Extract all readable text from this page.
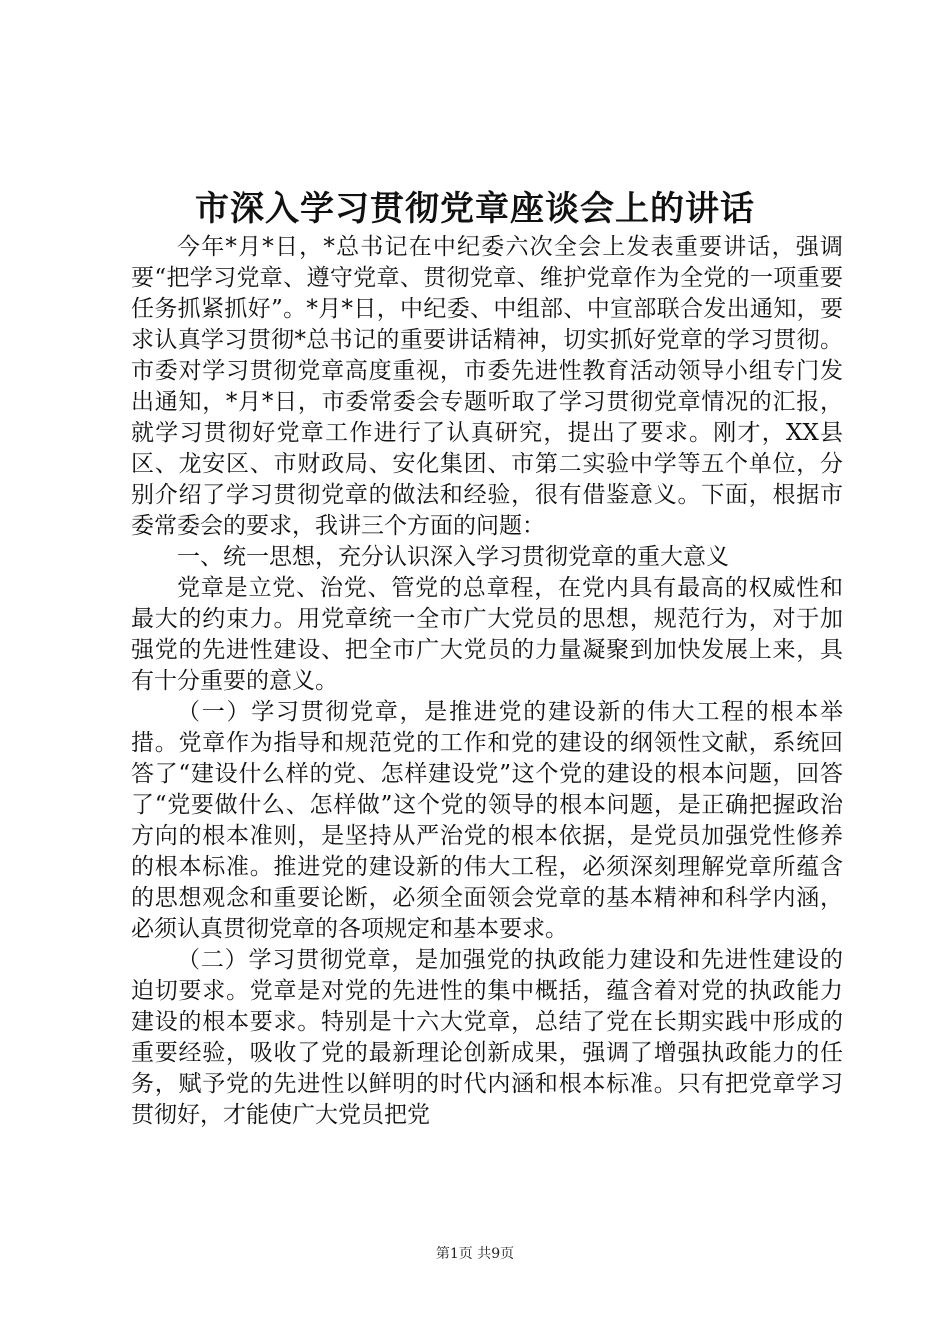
市深入学习贯彻党章座谈会上的讲话

今年*月*日，*总书记在中纪委六次全会上发表重要讲话，强调要“把学习党章、遵守党章、贯彻党章、维护党章作为全党的一项重要任务抓紧抓好”。*月*日，中纪委、中组部、中宣部联合发出通知，要求认真学习贯彻*总书记的重要讲话精神，切实抓好党章的学习贯彻。市委对学习贯彻党章高度重视，市委先进性教育活动领导小组专门发出通知，*月*日，市委常委会专题听取了学习贯彻党章情况的汇报，就学习贯彻好党章工作进行了认真研究，提出了要求。刚才，XX县区、龙安区、市财政局、安化集团、市第二实验中学等五个单位，分别介绍了学习贯彻党章的做法和经验，很有借鉴意义。下面，根据市委常委会的要求，我讲三个方面的问题：

一、统一思想，充分认识深入学习贯彻党章的重大意义

党章是立党、治党、管党的总章程，在党内具有最高的权威性和最大的约束力。用党章统一全市广大党员的思想，规范行为，对于加强党的先进性建设、把全市广大党员的力量凝聚到加快发展上来，具有十分重要的意义。

（一）学习贯彻党章，是推进党的建设新的伟大工程的根本举措。党章作为指导和规范党的工作和党的建设的纲领性文献，系统回答了“建设什么样的党、怎样建设党”这个党的建设的根本问题，回答了“党要做什么、怎样做”这个党的领导的根本问题，是正确把握政治方向的根本准则，是坚持从严治党的根本依据，是党员加强党性修养的根本标准。推进党的建设新的伟大工程，必须深刻理解党章所蕴含的思想观念和重要论断，必须全面领会党章的基本精神和科学内涵，必须认真贯彻党章的各项规定和基本要求。

（二）学习贯彻党章，是加强党的执政能力建设和先进性建设的迫切要求。党章是对党的先进性的集中概括，蕴含着对党的执政能力建设的根本要求。特别是十六大党章，总结了党在长期实践中形成的重要经验，吸收了党的最新理论创新成果，强调了增强执政能力的任务，赋予党的先进性以鲜明的时代内涵和根本标准。只有把党章学习贯彻好，才能使广大党员把党

第1页 共9页
